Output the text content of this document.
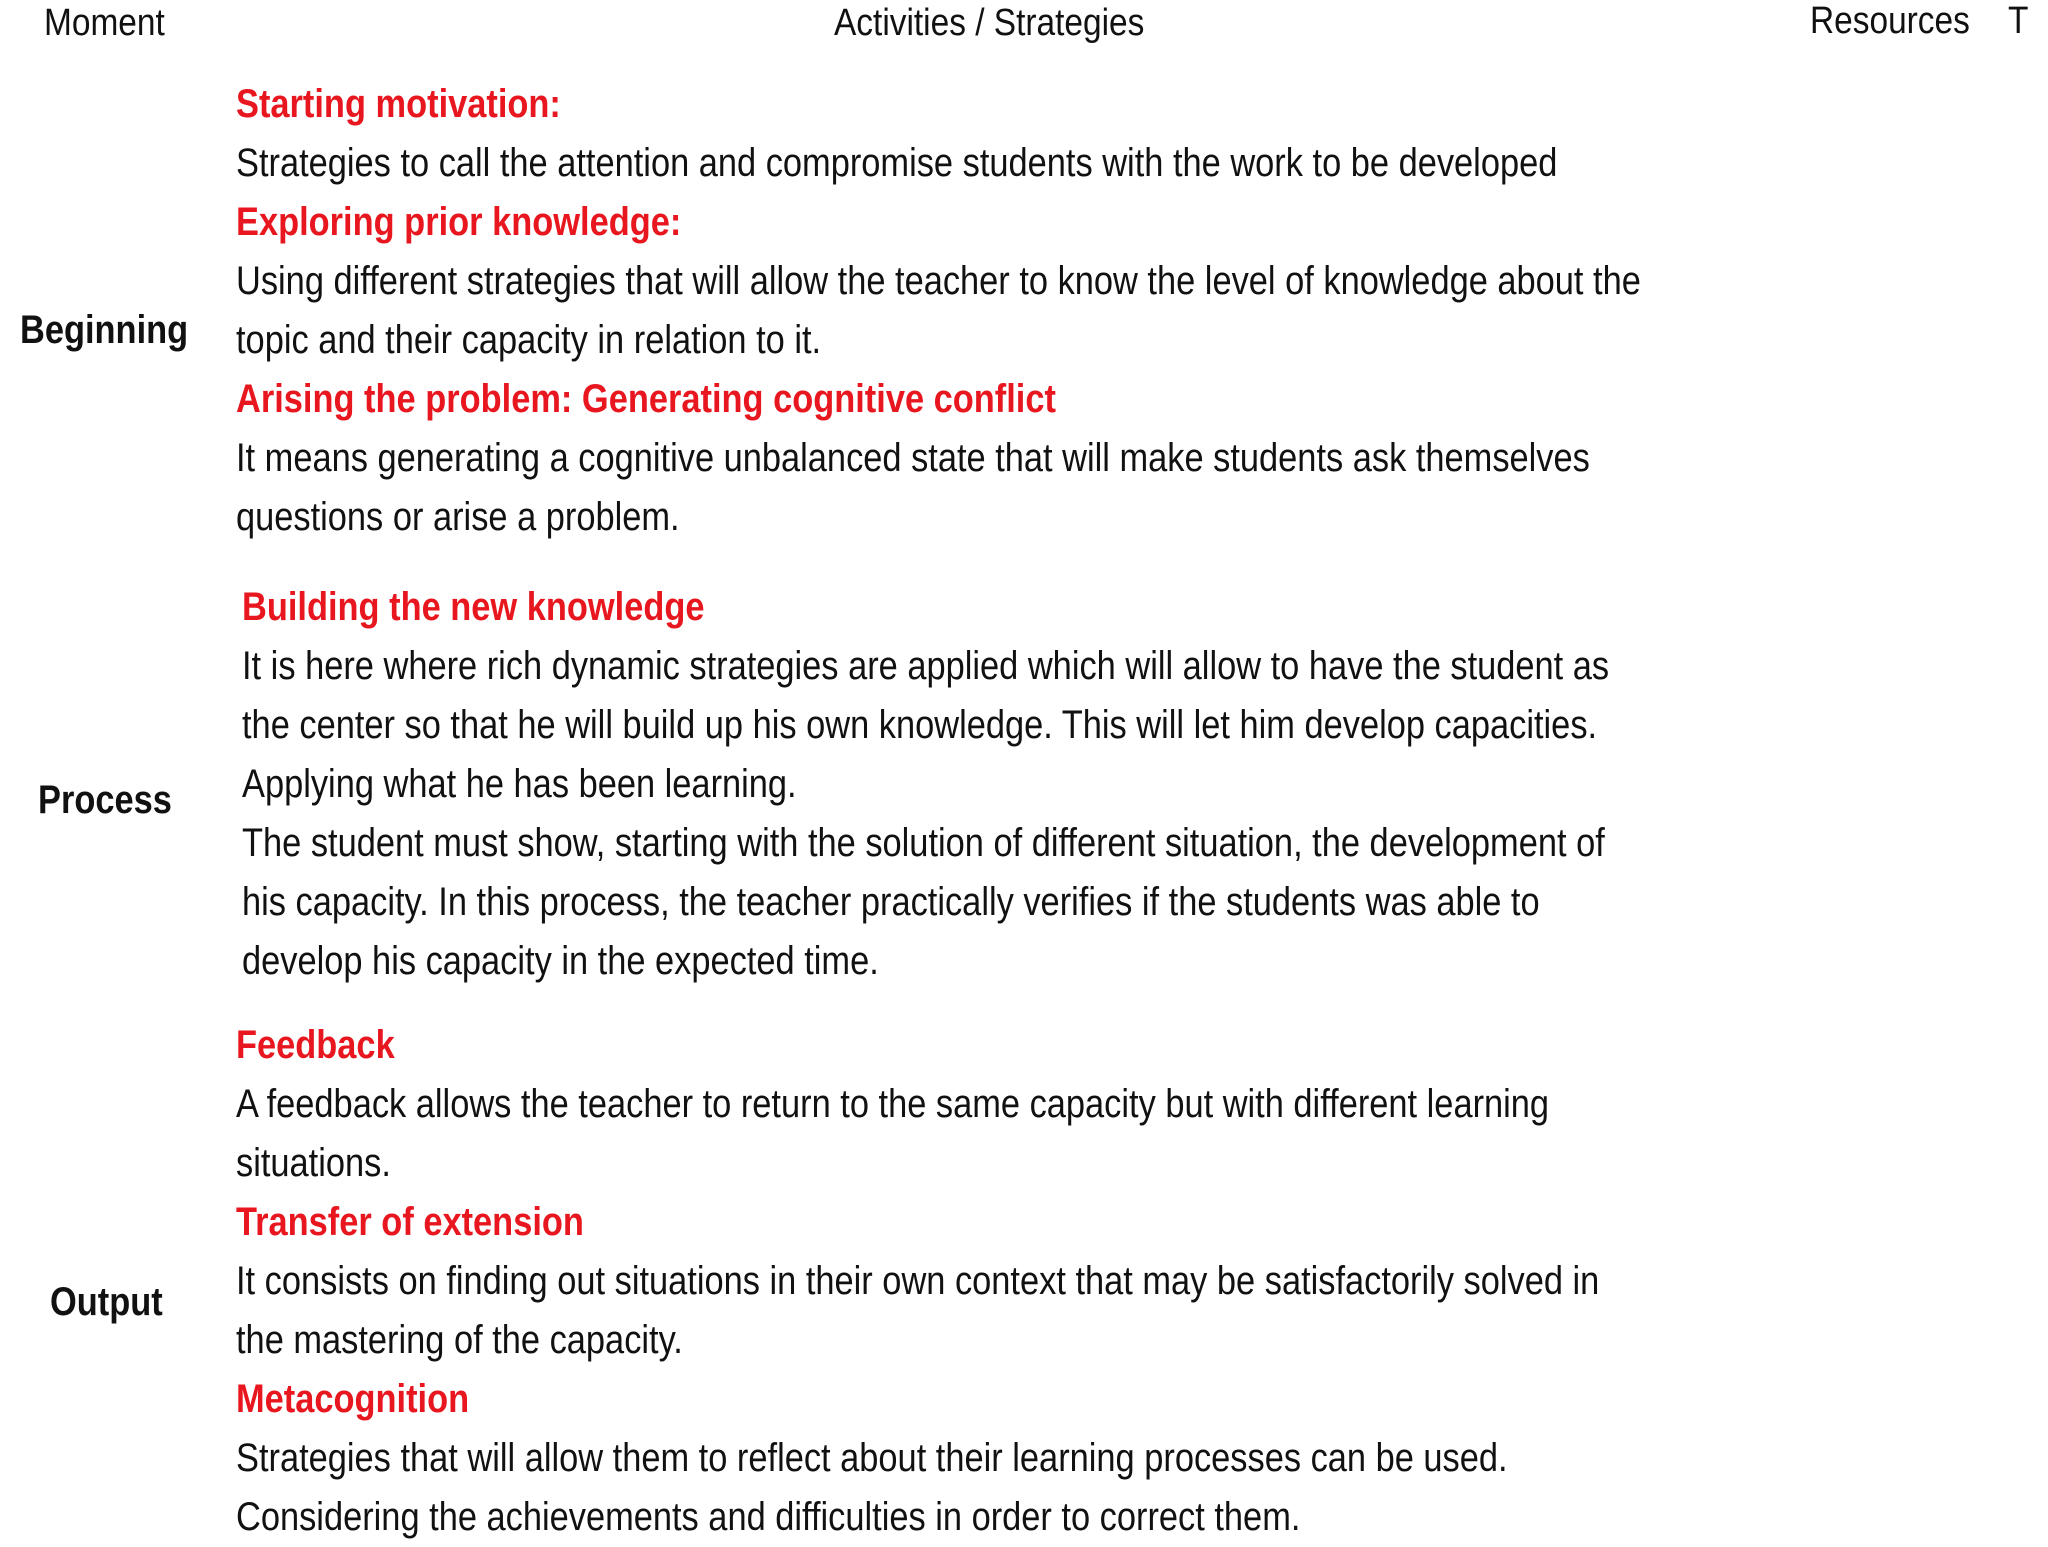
Moment	Activities / Strategies	Resources T
Beginning
Process
Output
Starting motivation:
Strategies to call the attention and compromise students with the work to be developed
Exploring prior knowledge:
Using different strategies that will allow the teacher to know the level of knowledge about the
topic and their capacity in relation to it.
Arising the problem: Generating cognitive conflict
It means generating a cognitive unbalanced state that will make students ask themselves
questions or arise a problem.
Building the new knowledge
It is here where rich dynamic strategies are applied which will allow to have the student as
the center so that he will build up his own knowledge. This will let him develop capacities.
Applying what he has been learning.
The student must show, starting with the solution of different situation, the development of
his capacity. In this process, the teacher practically verifies if the students was able to
develop his capacity in the expected time.
Feedback
A feedback allows the teacher to return to the same capacity but with different learning
situations.
Transfer of extension
It consists on finding out situations in their own context that may be satisfactorily solved in
the mastering of the capacity.
Metacognition
Strategies that will allow them to reflect about their learning processes can be used.
Considering the achievements and difficulties in order to correct them.
